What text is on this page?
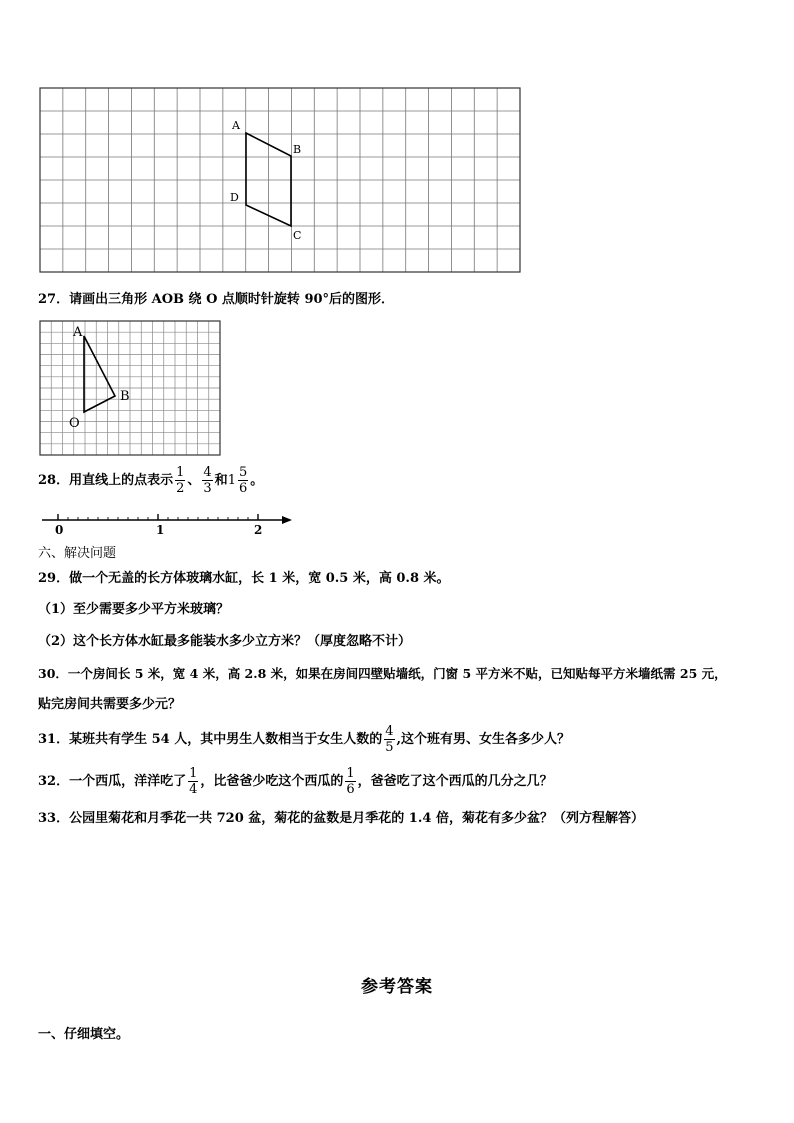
A
B
D
C
27．请画出三角形 AOB 绕 O 点顺时针旋转 90°后的图形．
A
B
O
28．用直线上的点表示 $\frac{1}{2}$ 、 $\frac{4}{3}$ 和$1 \frac{5}{6}$ 。
0	1	2
六、解决问题
29．做一个无盖的长方体玻璃水缸，长 1 米，宽 0.5 米，高 0.8 米。
（1）至少需要多少平方米玻璃？
（2）这个长方体水缸最多能装水多少立方米？（厚度忽略不计）
30．一个房间长 5 米，宽 4 米，高 2.8 米，如果在房间四壁贴墙纸，门窗 5 平方米不贴，已知贴每平方米墙纸需 25 元，
贴完房间共需要多少元？
31．某班共有学生 54 人，其中男生人数相当于女生人数的 $\frac{4}{5}$ ,这个班有男、女生各多少人？
32．一个西瓜，洋洋吃了 $\frac{1}{4}$ ，比爸爸少吃这个西瓜的 $\frac{1}{6}$ ，爸爸吃了这个西瓜的几分之几？
33．公园里菊花和月季花一共 720 盆，菊花的盆数是月季花的 1.4 倍，菊花有多少盆？（列方程解答）
参考答案
一、仔细填空。
